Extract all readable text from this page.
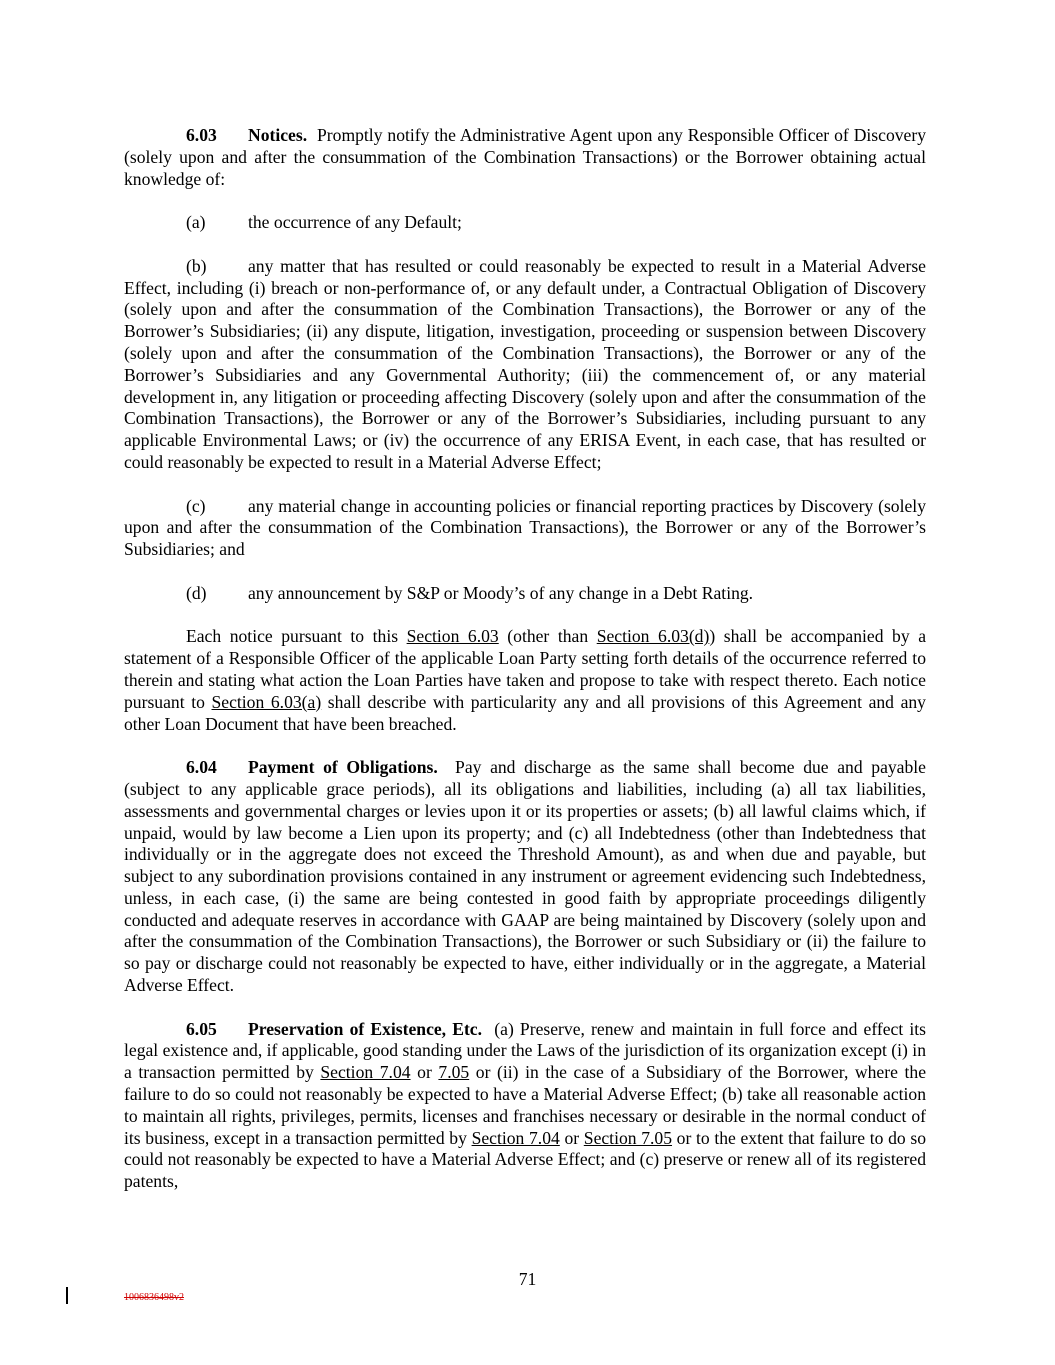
6.03 Notices. Promptly notify the Administrative Agent upon any Responsible Officer of Discovery (solely upon and after the consummation of the Combination Transactions) or the Borrower obtaining actual knowledge of:

(a) the occurrence of any Default;

(b) any matter that has resulted or could reasonably be expected to result in a Material Adverse Effect, including (i) breach or non-performance of, or any default under, a Contractual Obligation of Discovery (solely upon and after the consummation of the Combination Transactions), the Borrower or any of the Borrower’s Subsidiaries; (ii) any dispute, litigation, investigation, proceeding or suspension between Discovery (solely upon and after the consummation of the Combination Transactions), the Borrower or any of the Borrower’s Subsidiaries and any Governmental Authority; (iii) the commencement of, or any material development in, any litigation or proceeding affecting Discovery (solely upon and after the consummation of the Combination Transactions), the Borrower or any of the Borrower’s Subsidiaries, including pursuant to any applicable Environmental Laws; or (iv) the occurrence of any ERISA Event, in each case, that has resulted or could reasonably be expected to result in a Material Adverse Effect;

(c) any material change in accounting policies or financial reporting practices by Discovery (solely upon and after the consummation of the Combination Transactions), the Borrower or any of the Borrower’s Subsidiaries; and

(d) any announcement by S&P or Moody’s of any change in a Debt Rating.

Each notice pursuant to this Section 6.03 (other than Section 6.03(d)) shall be accompanied by a statement of a Responsible Officer of the applicable Loan Party setting forth details of the occurrence referred to therein and stating what action the Loan Parties have taken and propose to take with respect thereto. Each notice pursuant to Section 6.03(a) shall describe with particularity any and all provisions of this Agreement and any other Loan Document that have been breached.

6.04 Payment of Obligations. Pay and discharge as the same shall become due and payable (subject to any applicable grace periods), all its obligations and liabilities, including (a) all tax liabilities, assessments and governmental charges or levies upon it or its properties or assets; (b) all lawful claims which, if unpaid, would by law become a Lien upon its property; and (c) all Indebtedness (other than Indebtedness that individually or in the aggregate does not exceed the Threshold Amount), as and when due and payable, but subject to any subordination provisions contained in any instrument or agreement evidencing such Indebtedness, unless, in each case, (i) the same are being contested in good faith by appropriate proceedings diligently conducted and adequate reserves in accordance with GAAP are being maintained by Discovery (solely upon and after the consummation of the Combination Transactions), the Borrower or such Subsidiary or (ii) the failure to so pay or discharge could not reasonably be expected to have, either individually or in the aggregate, a Material Adverse Effect.

6.05 Preservation of Existence, Etc. (a) Preserve, renew and maintain in full force and effect its legal existence and, if applicable, good standing under the Laws of the jurisdiction of its organization except (i) in a transaction permitted by Section 7.04 or 7.05 or (ii) in the case of a Subsidiary of the Borrower, where the failure to do so could not reasonably be expected to have a Material Adverse Effect; (b) take all reasonable action to maintain all rights, privileges, permits, licenses and franchises necessary or desirable in the normal conduct of its business, except in a transaction permitted by Section 7.04 or Section 7.05 or to the extent that failure to do so could not reasonably be expected to have a Material Adverse Effect; and (c) preserve or renew all of its registered patents,

71
1006836498v2
